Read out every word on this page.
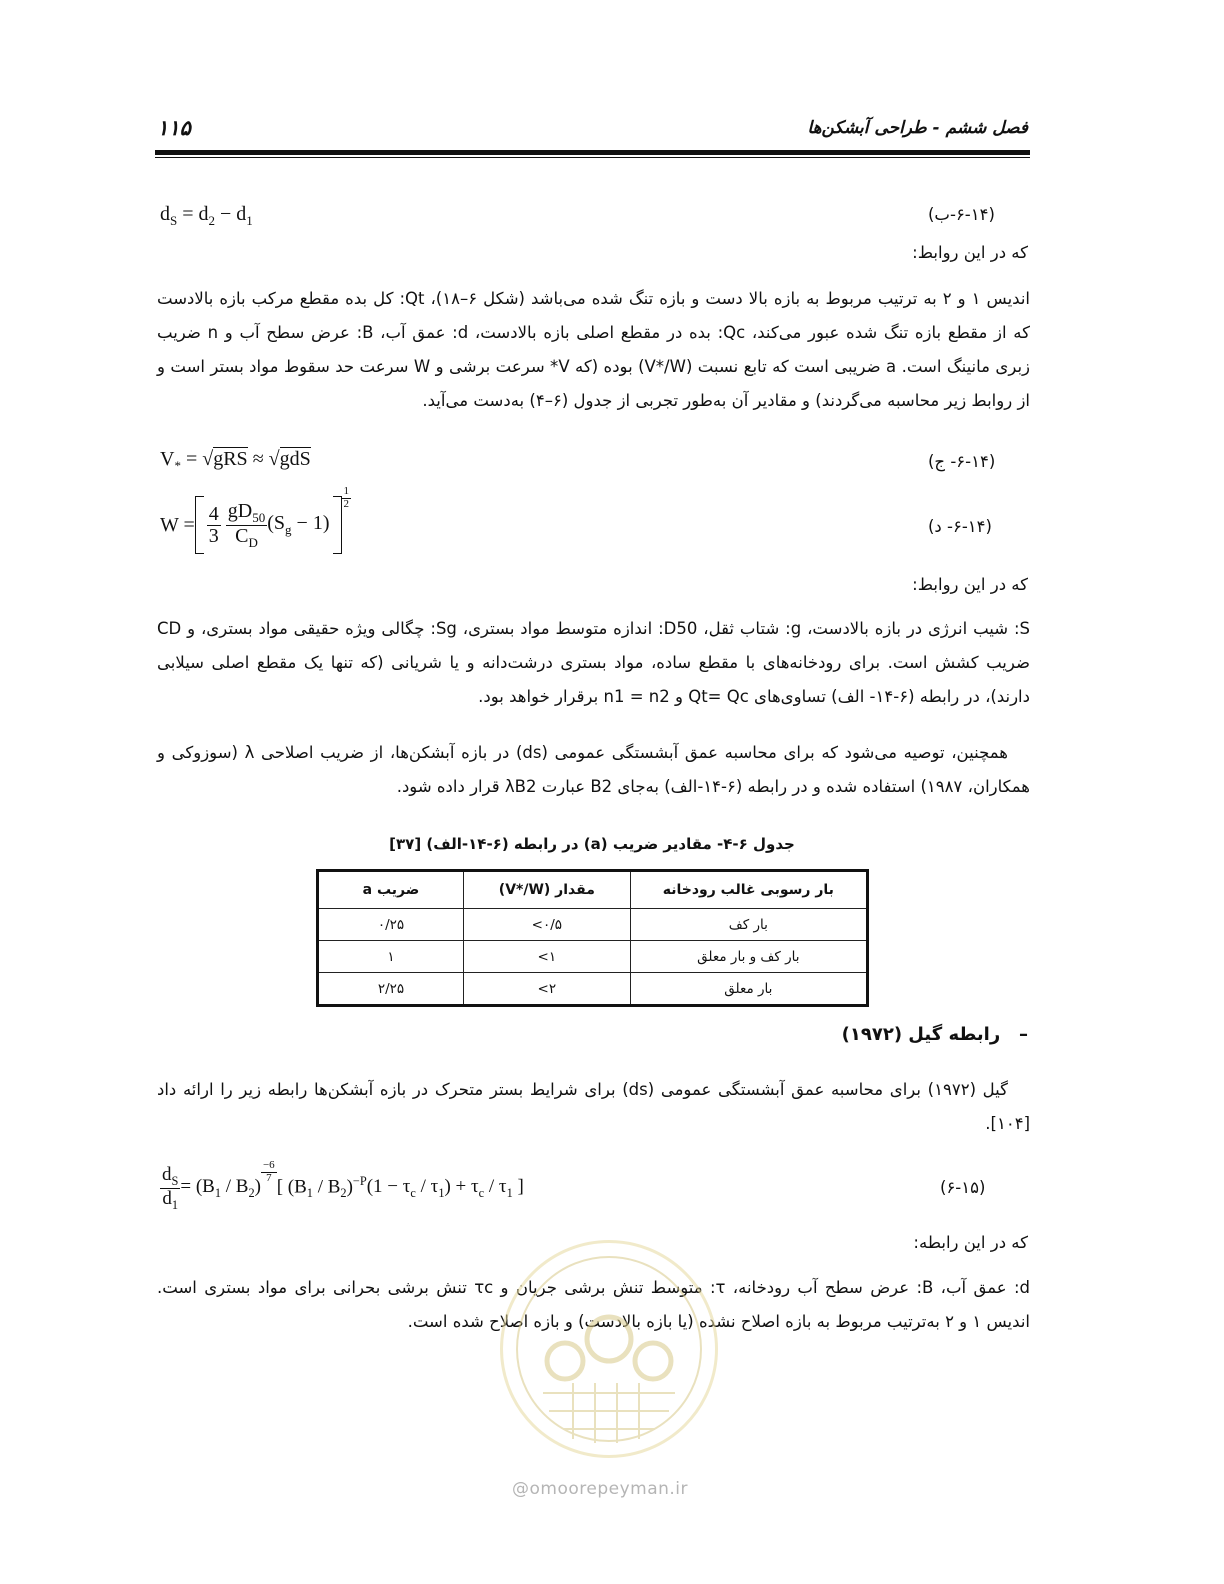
۱۱۵	فصل ششم - طراحی آبشکن‌ها
$d_S = d_2 - d_1$	(۶-۱۴-ب)
که در این روابط:

اندیس ۱ و ۲ به ترتیب مربوط به بازه بالا دست و بازه تنگ شده می‌باشد (شکل ۶–۱۸)، Qt: کل بده مقطع مرکب بازه بالادست که از مقطع بازه تنگ شده عبور می‌کند، Qc: بده در مقطع اصلی بازه بالادست، d: عمق آب، B: عرض سطح آب و n ضریب زبری مانینگ است. a ضریبی است که تابع نسبت (V*/W) بوده (که V* سرعت برشی و W سرعت حد سقوط مواد بستر است و از روابط زیر محاسبه می‌گردند) و مقادیر آن به‌طور تجربی از جدول (۶–۴) به‌دست می‌آید.

$V_* = √gRS \approx √gdS$	(۶-۱۴- ج)
$W = \frac{4}{3} \frac{gD_{50}}{C_D} (S_g - 1)$
$\frac{1}{2}$
(۶-۱۴- د)
که در این روابط:

S: شیب انرژی در بازه بالادست، g: شتاب ثقل، D50: اندازه متوسط مواد بستری، Sg: چگالی ویژه حقیقی مواد بستری، و CD ضریب کشش است. برای رودخانه‌های با مقطع ساده، مواد بستری درشت‌دانه و یا شریانی (که تنها یک مقطع اصلی سیلابی دارند)، در رابطه (۶-۱۴- الف) تساوی‌های Qt= Qc و n1 = n2 برقرار خواهد بود.

همچنین، توصیه می‌شود که برای محاسبه عمق آبشستگی عمومی (ds) در بازه آبشکن‌ها، از ضریب اصلاحی λ (سوزوکی و همکاران، ۱۹۸۷) استفاده شده و در رابطه (۶-۱۴-الف) به‌جای B2 عبارت λB2 قرار داده شود.

جدول ۶-۴- مقادیر ضریب (a) در رابطه (۶-۱۴-الف) [۳۷]
بار رسوبی غالب رودخانه	مقدار (V*/W)	ضریب a
بار کف	<۰/۵	۰/۲۵
بار کف و بار معلق	<۱	۱
بار معلق	<۲	۲/۲۵
–   رابطه گیل (۱۹۷۲)

گیل (۱۹۷۲) برای محاسبه عمق آبشستگی عمومی (ds) برای شرایط بستر متحرک در بازه آبشکن‌ها رابطه زیر را ارائه داد [۱۰۴].

$\frac{d_S}{d_1} = (B_1 / B_2)$
$\frac{-6}{7}$
[ $(B_1 / B_2)^{-P}$ $(1 - \tau_c / \tau_1) + \tau_c / \tau_1$ ]	(۶-۱۵)
که در این رابطه:

d: عمق آب، B: عرض سطح آب رودخانه، τ: متوسط تنش برشی جریان و τc تنش برشی بحرانی برای مواد بستری است. اندیس ۱ و ۲ به‌ترتیب مربوط به بازه اصلاح نشده (یا بازه بالادست) و بازه اصلاح شده است.

@omoorepeyman.ir
